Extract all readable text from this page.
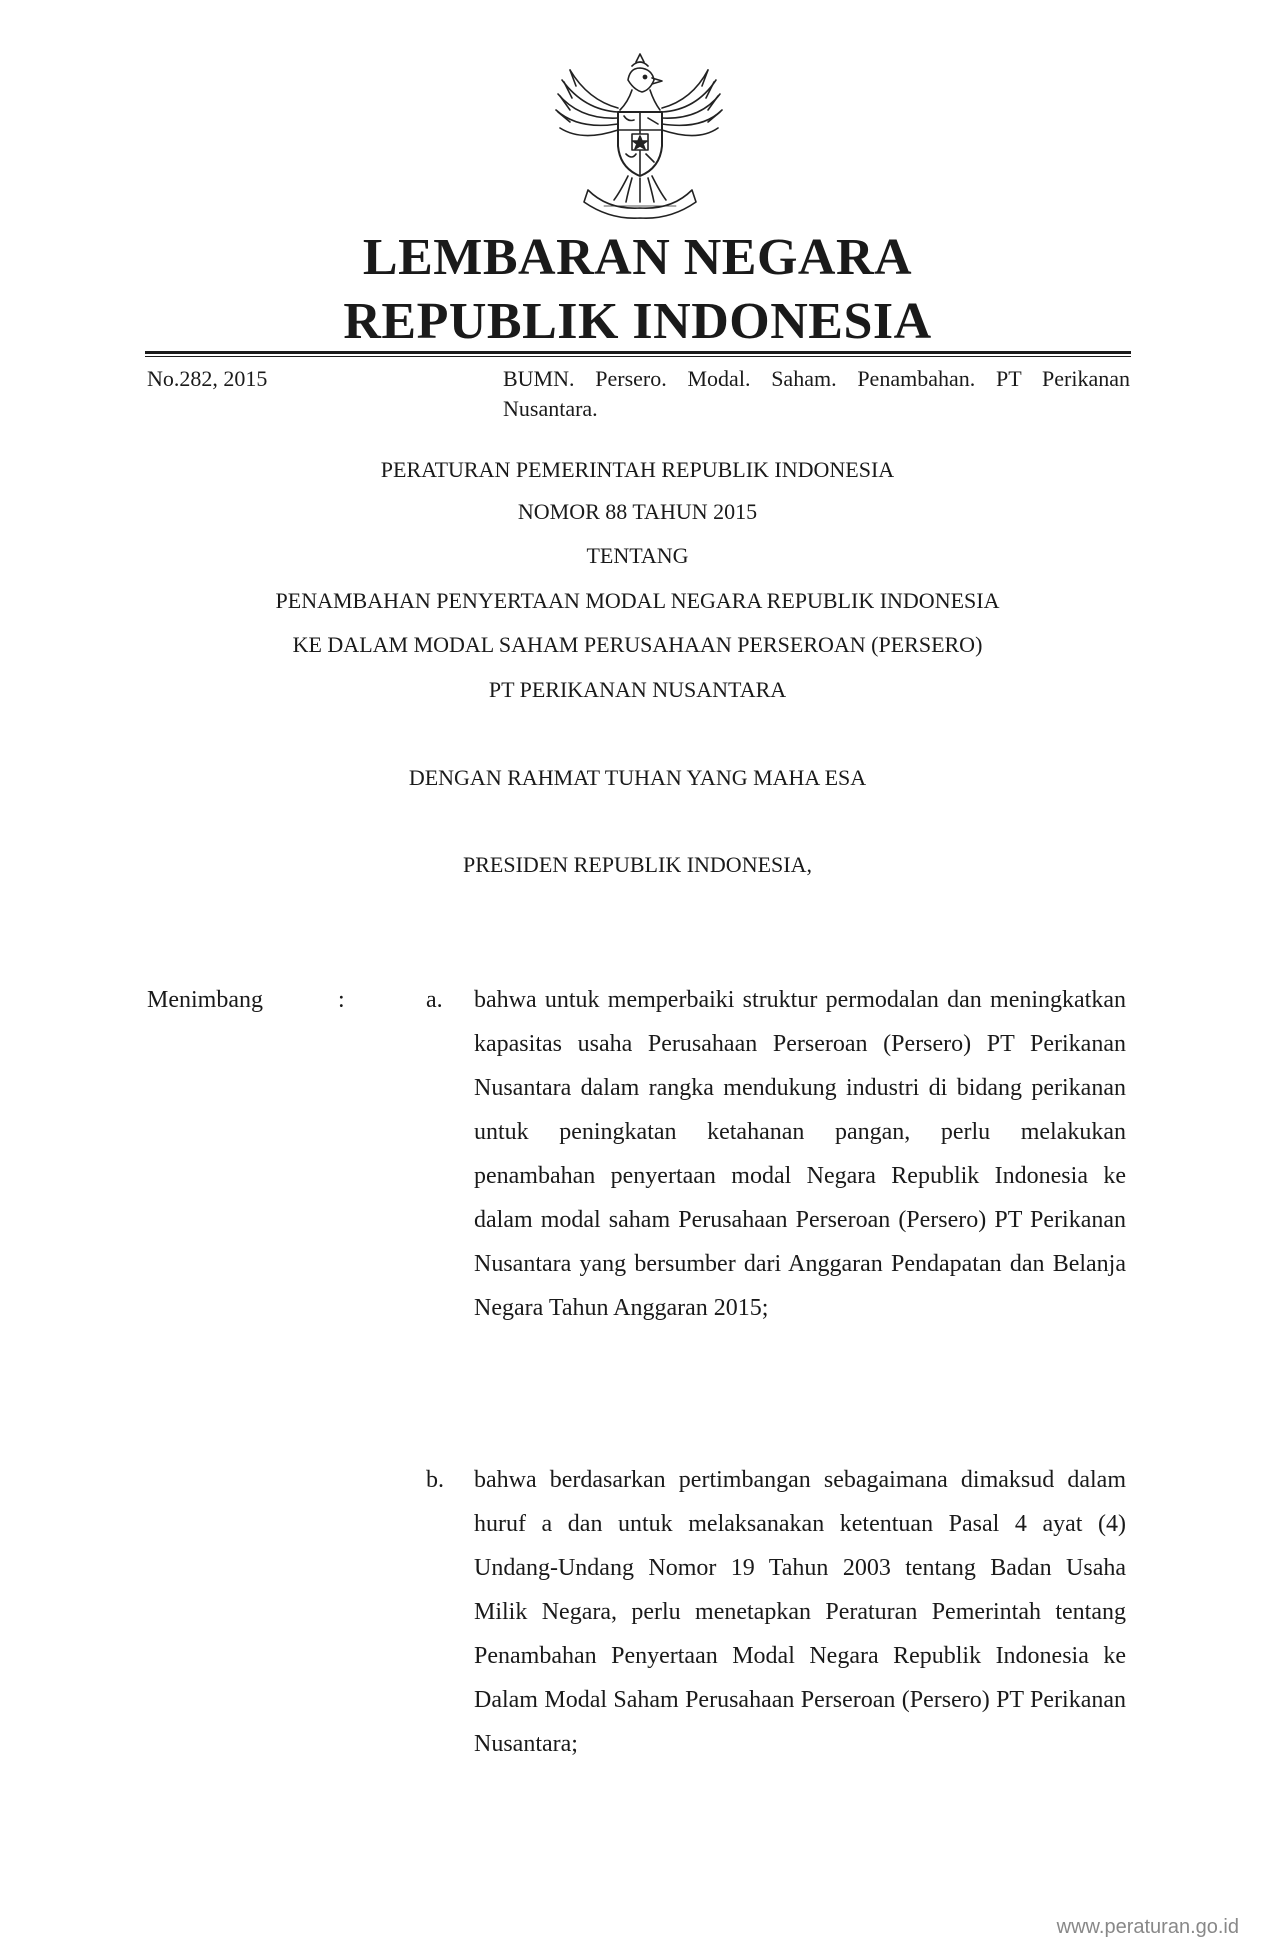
LEMBARAN NEGARA
REPUBLIK INDONESIA
No.282, 2015	BUMN. Persero. Modal. Saham. Penambahan. PT Perikanan Nusantara.
PERATURAN PEMERINTAH REPUBLIK INDONESIA
NOMOR 88 TAHUN 2015
TENTANG
PENAMBAHAN PENYERTAAN MODAL NEGARA REPUBLIK INDONESIA
KE DALAM MODAL SAHAM PERUSAHAAN PERSEROAN (PERSERO)
PT PERIKANAN NUSANTARA
DENGAN RAHMAT TUHAN YANG MAHA ESA
PRESIDEN REPUBLIK INDONESIA,
Menimbang	:	a.	bahwa untuk memperbaiki struktur permodalan dan meningkatkan kapasitas usaha Perusahaan Perseroan (Persero) PT Perikanan Nusantara dalam rangka mendukung industri di bidang perikanan untuk peningkatan ketahanan pangan, perlu melakukan penambahan penyertaan modal Negara Republik Indonesia ke dalam modal saham Perusahaan Perseroan (Persero) PT Perikanan Nusantara yang bersumber dari Anggaran Pendapatan dan Belanja Negara Tahun Anggaran 2015;
b.	bahwa berdasarkan pertimbangan sebagaimana dimaksud dalam huruf a dan untuk melaksanakan ketentuan Pasal 4 ayat (4) Undang-Undang Nomor 19 Tahun 2003 tentang Badan Usaha Milik Negara, perlu menetapkan Peraturan Pemerintah tentang Penambahan Penyertaan Modal Negara Republik Indonesia ke Dalam Modal Saham Perusahaan Perseroan (Persero) PT Perikanan Nusantara;
www.peraturan.go.id
